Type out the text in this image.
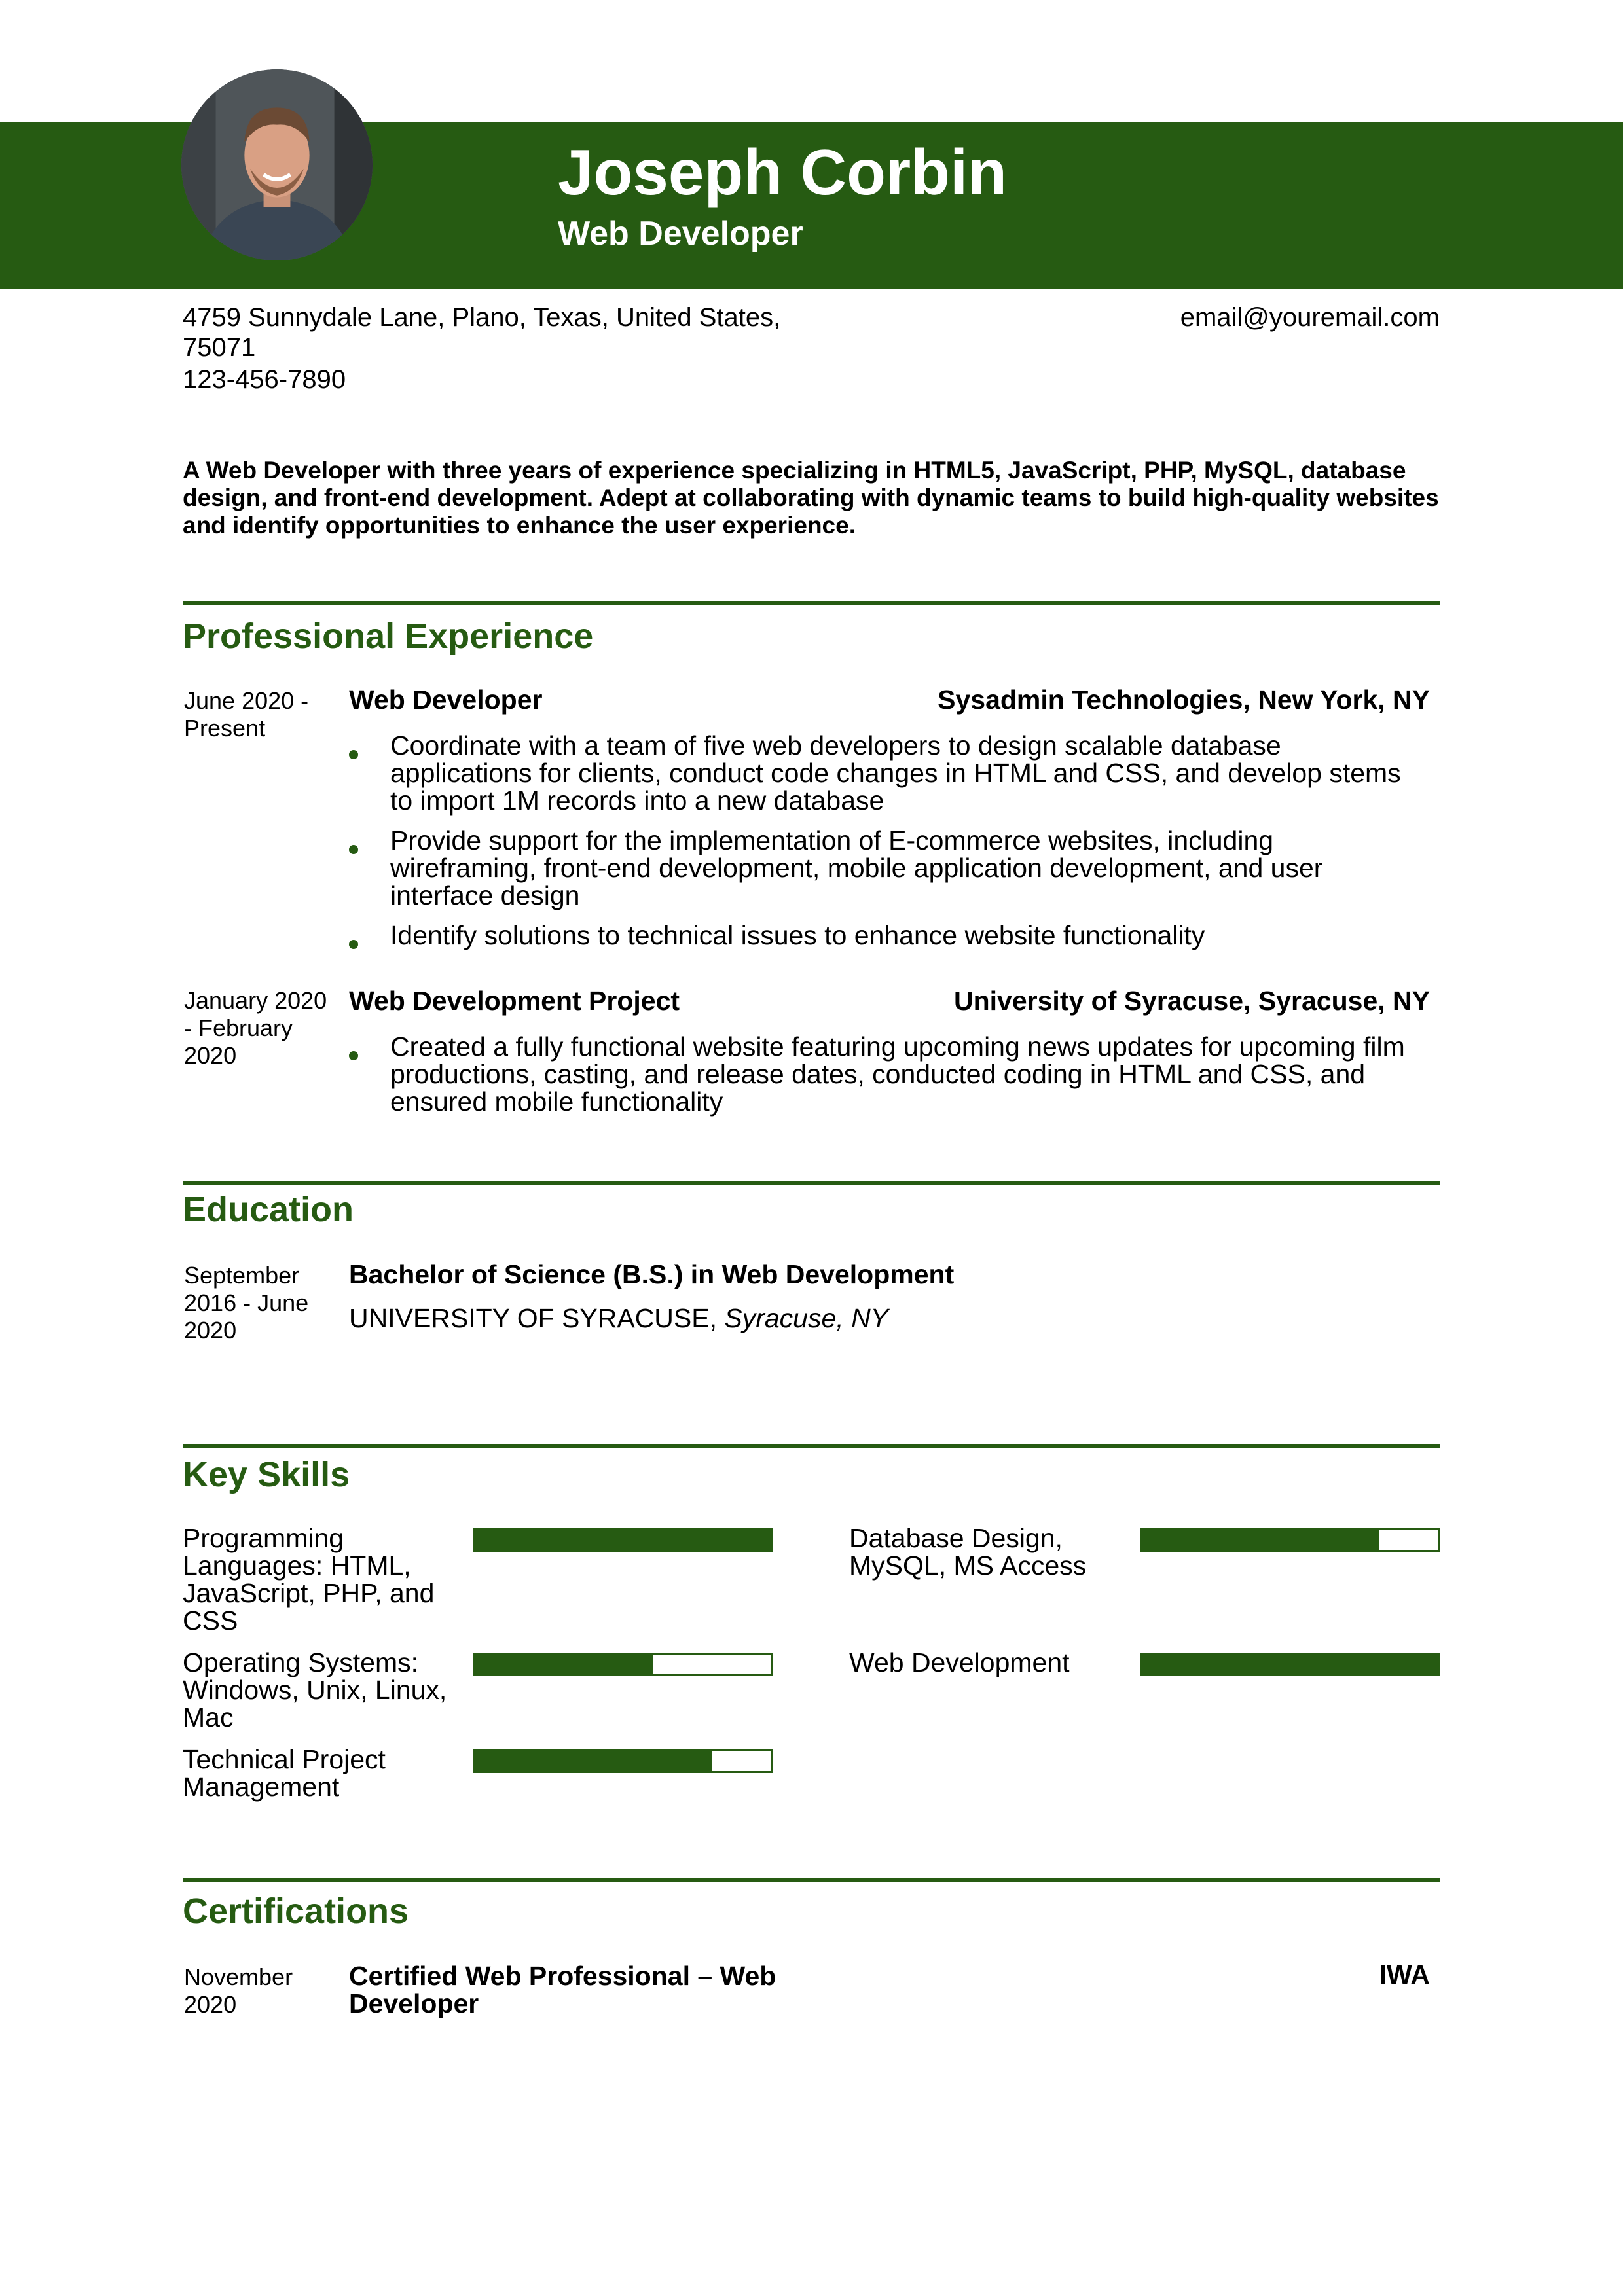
Joseph Corbin
Web Developer
4759 Sunnydale Lane, Plano, Texas, United States, 75071
123-456-7890
email@youremail.com
A Web Developer with three years of experience specializing in HTML5, JavaScript, PHP, MySQL, database design, and front-end development. Adept at collaborating with dynamic teams to build high-quality websites and identify opportunities to enhance the user experience.
Professional Experience
June 2020 - Present
Web Developer	Sysadmin Technologies, New York, NY
Coordinate with a team of five web developers to design scalable database applications for clients, conduct code changes in HTML and CSS, and develop stems to import 1M records into a new database
Provide support for the implementation of E-commerce websites, including wireframing, front-end development, mobile application development, and user interface design
Identify solutions to technical issues to enhance website functionality
January 2020 - February 2020
Web Development Project	University of Syracuse, Syracuse, NY
Created a fully functional website featuring upcoming news updates for upcoming film productions, casting, and release dates, conducted coding in HTML and CSS, and ensured mobile functionality
Education
September 2016 - June 2020
Bachelor of Science (B.S.) in Web Development
UNIVERSITY OF SYRACUSE, Syracuse, NY
Key Skills
Programming Languages: HTML, JavaScript, PHP, and CSS
Database Design, MySQL, MS Access
Operating Systems: Windows, Unix, Linux, Mac
Web Development
Technical Project Management
Certifications
November 2020
Certified Web Professional – Web Developer
IWA
